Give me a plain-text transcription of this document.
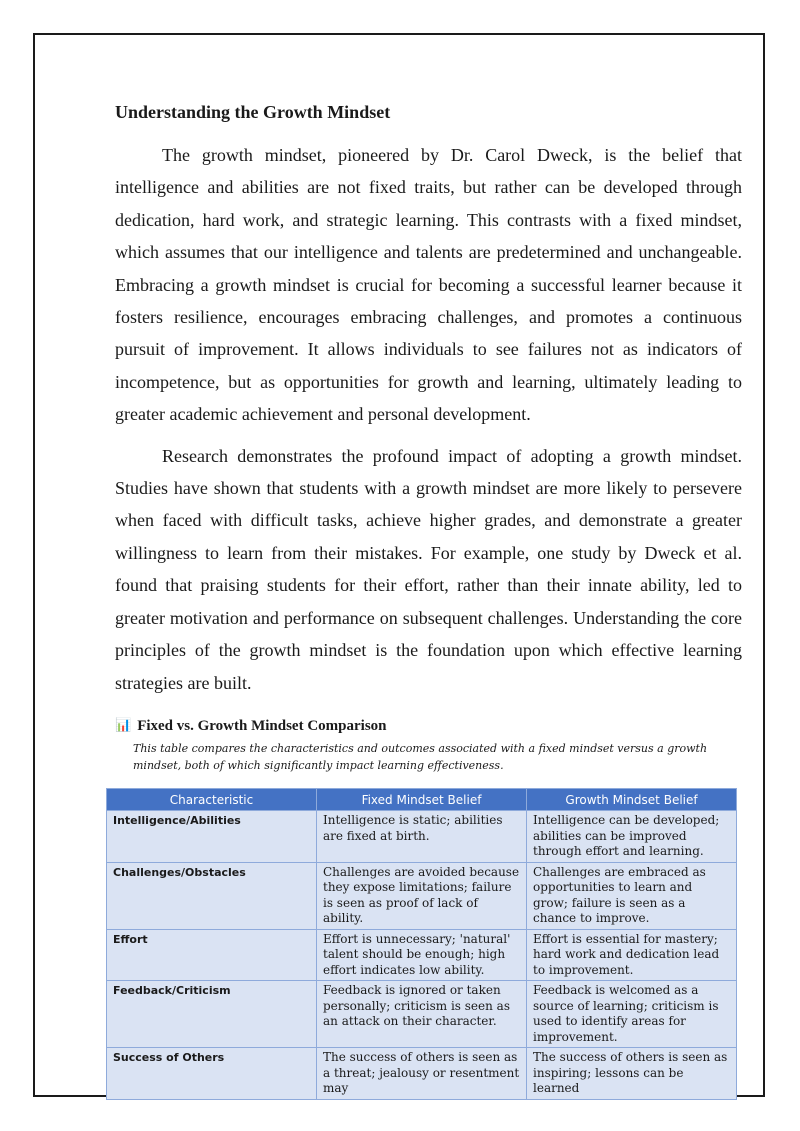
Understanding the Growth Mindset

The growth mindset, pioneered by Dr. Carol Dweck, is the belief that intelligence and abilities are not fixed traits, but rather can be developed through dedication, hard work, and strategic learning. This contrasts with a fixed mindset, which assumes that our intelligence and talents are predetermined and unchangeable. Embracing a growth mindset is crucial for becoming a successful learner because it fosters resilience, encourages embracing challenges, and promotes a continuous pursuit of improvement. It allows individuals to see failures not as indicators of incompetence, but as opportunities for growth and learning, ultimately leading to greater academic achievement and personal development.

Research demonstrates the profound impact of adopting a growth mindset. Studies have shown that students with a growth mindset are more likely to persevere when faced with difficult tasks, achieve higher grades, and demonstrate a greater willingness to learn from their mistakes. For example, one study by Dweck et al. found that praising students for their effort, rather than their innate ability, led to greater motivation and performance on subsequent challenges. Understanding the core principles of the growth mindset is the foundation upon which effective learning strategies are built.

📊 Fixed vs. Growth Mindset Comparison
This table compares the characteristics and outcomes associated with a fixed mindset versus a growth mindset, both of which significantly impact learning effectiveness.
Characteristic	Fixed Mindset Belief	Growth Mindset Belief
Intelligence/Abilities	Intelligence is static; abilities are fixed at birth.	Intelligence can be developed; abilities can be improved through effort and learning.
Challenges/Obstacles	Challenges are avoided because they expose limitations; failure is seen as proof of lack of ability.	Challenges are embraced as opportunities to learn and grow; failure is seen as a chance to improve.
Effort	Effort is unnecessary; 'natural' talent should be enough; high effort indicates low ability.	Effort is essential for mastery; hard work and dedication lead to improvement.
Feedback/Criticism	Feedback is ignored or taken personally; criticism is seen as an attack on their character.	Feedback is welcomed as a source of learning; criticism is used to identify areas for improvement.
Success of Others	The success of others is seen as a threat; jealousy or resentment may	The success of others is seen as inspiring; lessons can be learned
